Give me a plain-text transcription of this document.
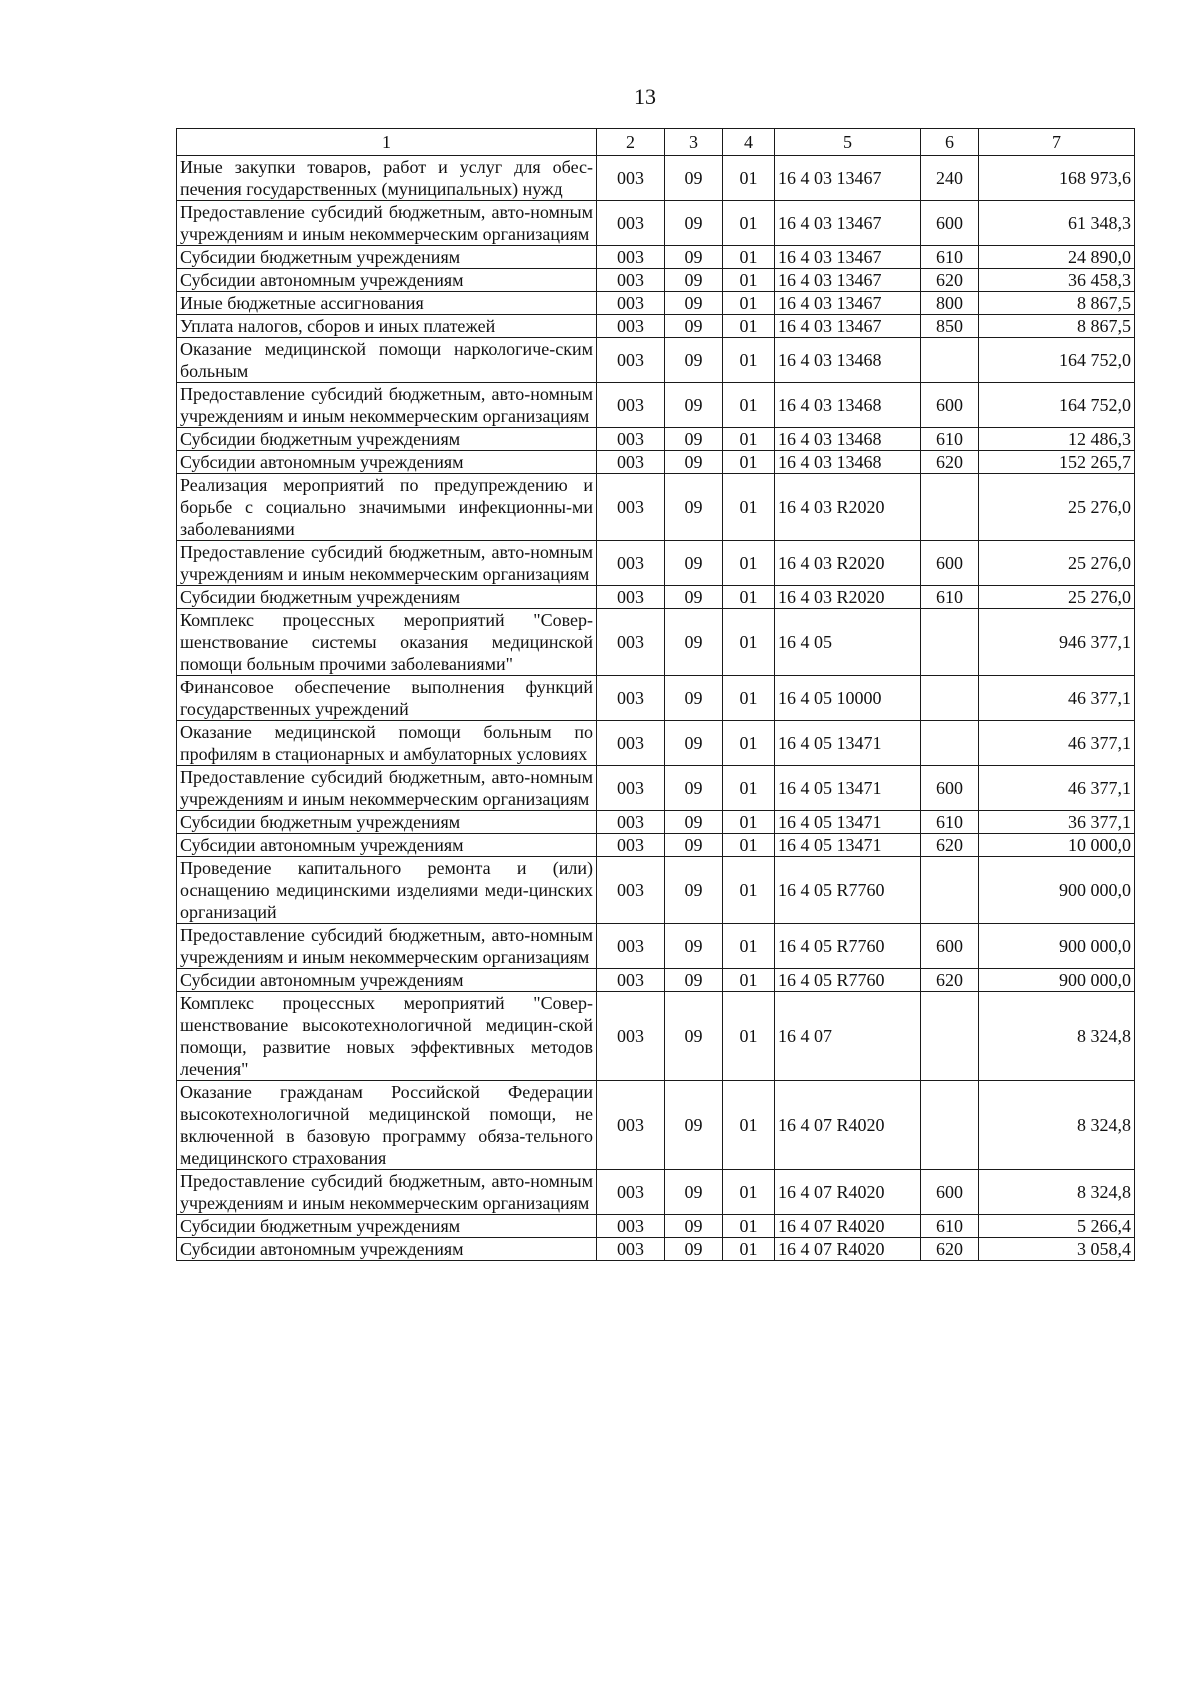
13
1	2	3	4	5	6	7
Иные закупки товаров, работ и услуг для обес-печения государственных (муниципальных) нужд	003	09	01	16 4 03 13467	240	168 973,6
Предоставление субсидий бюджетным, авто-номным учреждениям и иным некоммерческим организациям	003	09	01	16 4 03 13467	600	61 348,3
Субсидии бюджетным учреждениям	003	09	01	16 4 03 13467	610	24 890,0
Субсидии автономным учреждениям	003	09	01	16 4 03 13467	620	36 458,3
Иные бюджетные ассигнования	003	09	01	16 4 03 13467	800	8 867,5
Уплата налогов, сборов и иных платежей	003	09	01	16 4 03 13467	850	8 867,5
Оказание медицинской помощи наркологиче-ским больным	003	09	01	16 4 03 13468		164 752,0
Предоставление субсидий бюджетным, авто-номным учреждениям и иным некоммерческим организациям	003	09	01	16 4 03 13468	600	164 752,0
Субсидии бюджетным учреждениям	003	09	01	16 4 03 13468	610	12 486,3
Субсидии автономным учреждениям	003	09	01	16 4 03 13468	620	152 265,7
Реализация мероприятий по предупреждению и борьбе с социально значимыми инфекционны-ми заболеваниями	003	09	01	16 4 03 R2020		25 276,0
Предоставление субсидий бюджетным, авто-номным учреждениям и иным некоммерческим организациям	003	09	01	16 4 03 R2020	600	25 276,0
Субсидии бюджетным учреждениям	003	09	01	16 4 03 R2020	610	25 276,0
Комплекс процессных мероприятий "Совер-шенствование системы оказания медицинской помощи больным прочими заболеваниями"	003	09	01	16 4 05		946 377,1
Финансовое обеспечение выполнения функций государственных учреждений	003	09	01	16 4 05 10000		46 377,1
Оказание медицинской помощи больным по профилям в стационарных и амбулаторных условиях	003	09	01	16 4 05 13471		46 377,1
Предоставление субсидий бюджетным, авто-номным учреждениям и иным некоммерческим организациям	003	09	01	16 4 05 13471	600	46 377,1
Субсидии бюджетным учреждениям	003	09	01	16 4 05 13471	610	36 377,1
Субсидии автономным учреждениям	003	09	01	16 4 05 13471	620	10 000,0
Проведение капитального ремонта и (или) оснащению медицинскими изделиями меди-цинских организаций	003	09	01	16 4 05 R7760		900 000,0
Предоставление субсидий бюджетным, авто-номным учреждениям и иным некоммерческим организациям	003	09	01	16 4 05 R7760	600	900 000,0
Субсидии автономным учреждениям	003	09	01	16 4 05 R7760	620	900 000,0
Комплекс процессных мероприятий "Совер-шенствование высокотехнологичной медицин-ской помощи, развитие новых эффективных методов лечения"	003	09	01	16 4 07		8 324,8
Оказание гражданам Российской Федерации высокотехнологичной медицинской помощи, не включенной в базовую программу обяза-тельного медицинского страхования	003	09	01	16 4 07 R4020		8 324,8
Предоставление субсидий бюджетным, авто-номным учреждениям и иным некоммерческим организациям	003	09	01	16 4 07 R4020	600	8 324,8
Субсидии бюджетным учреждениям	003	09	01	16 4 07 R4020	610	5 266,4
Субсидии автономным учреждениям	003	09	01	16 4 07 R4020	620	3 058,4
